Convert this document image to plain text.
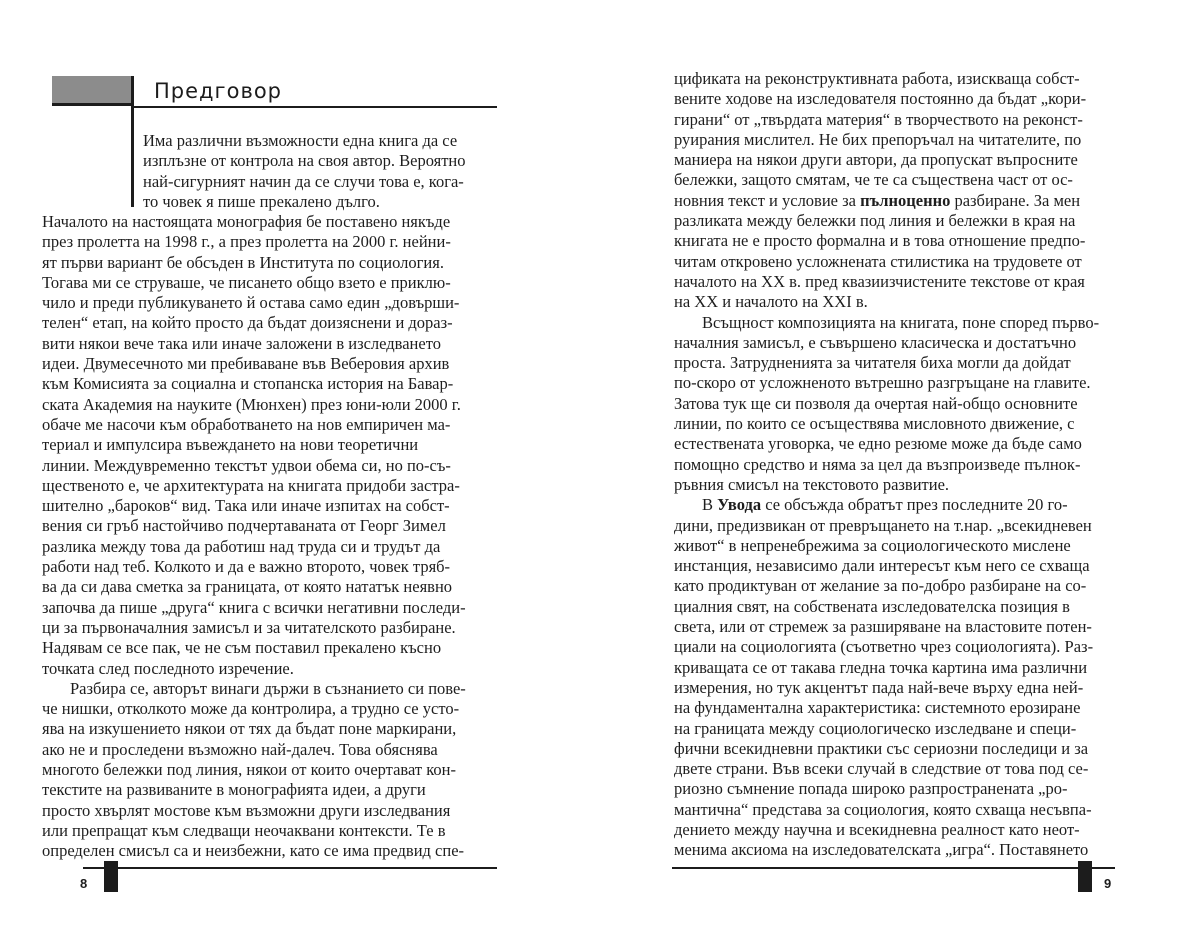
Предговор
Има различни възможности една книга да се
изплъзне от контрола на своя автор. Вероятно
най-сигурният начин да се случи това е, кога-
то човек я пише прекалено дълго.
Началото на настоящата монография бе поставено някъде
през пролетта на 1998 г., а през пролетта на 2000 г. нейни-
ят първи вариант бе обсъден в Института по социология.
Тогава ми се струваше, че писането общо взето е приклю-
чило и преди публикуването й остава само един „довърши-
телен“ етап, на който просто да бъдат доизяснени и дораз-
вити някои вече така или иначе заложени в изследването
идеи. Двумесечното ми пребиваване във Веберовия архив
към Комисията за социална и стопанска история на Бавар-
ската Академия на науките (Мюнхен) през юни-юли 2000 г.
обаче ме насочи към обработването на нов емпиричен ма-
териал и импулсира въвеждането на нови теоретични
линии. Междувременно текстът удвои обема си, но по-съ-
щественото е, че архитектурата на книгата придоби застра-
шително „бароков“ вид. Така или иначе изпитах на собст-
вения си гръб настойчиво подчертаваната от Георг Зимел
разлика между това да работиш над труда си и трудът да
работи над теб. Колкото и да е важно второто, човек тряб-
ва да си дава сметка за границата, от която нататък неявно
започва да пише „друга“ книга с всички негативни последи-
ци за първоначалния замисъл и за читателското разбиране.
Надявам се все пак, че не съм поставил прекалено късно
точката след последното изречение.
Разбира се, авторът винаги държи в съзнанието си пове-
че нишки, отколкото може да контролира, а трудно се усто-
ява на изкушението някои от тях да бъдат поне маркирани,
ако не и проследени възможно най-далеч. Това обяснява
многото бележки под линия, някои от които очертават кон-
текстите на развиваните в монографията идеи, а други
просто хвърлят мостове към възможни други изследвания
или препращат към следващи неочаквани контексти. Те в
определен смисъл са и неизбежни, като се има предвид спе-
8
цификата на реконструктивната работа, изискваща собст-
вените ходове на изследователя постоянно да бъдат „кори-
гирани“ от „твърдата материя“ в творчеството на реконст-
руирания мислител. Не бих препоръчал на читателите, по
маниера на някои други автори, да пропускат въпросните
бележки, защото смятам, че те са съществена част от ос-
новния текст и условие за пълноценно разбиране. За мен
разликата между бележки под линия и бележки в края на
книгата не е просто формална и в това отношение предпо-
читам откровено усложнената стилистика на трудовете от
началото на ХХ в. пред квазиизчистените текстове от края
на ХХ и началото на ХХI в.
Всъщност композицията на книгата, поне според първо-
началния замисъл, е съвършено класическа и достатъчно
проста. Затрудненията за читателя биха могли да дойдат
по-скоро от усложненото вътрешно разгръщане на главите.
Затова тук ще си позволя да очертая най-общо основните
линии, по които се осъществява мисловното движение, с
естествената уговорка, че едно резюме може да бъде само
помощно средство и няма за цел да възпроизведе пълнок-
ръвния смисъл на текстовото развитие.
В Увода се обсъжда обратът през последните 20 го-
дини, предизвикан от превръщането на т.нар. „всекидневен
живот“ в непренебрежима за социологическото мислене
инстанция, независимо дали интересът към него се схваща
като продиктуван от желание за по-добро разбиране на со-
циалния свят, на собствената изследователска позиция в
света, или от стремеж за разширяване на властовите потен-
циали на социологията (съответно чрез социологията). Раз-
криващата се от такава гледна точка картина има различни
измерения, но тук акцентът пада най-вече върху една ней-
на фундаментална характеристика: системното ерозиране
на границата между социологическо изследване и специ-
фични всекидневни практики със сериозни последици и за
двете страни. Във всеки случай в следствие от това под се-
риозно съмнение попада широко разпространената „ро-
мантична“ представа за социология, която схваща несъвпа-
дението между научна и всекидневна реалност като неот-
менима аксиома на изследователската „игра“. Поставянето
9
